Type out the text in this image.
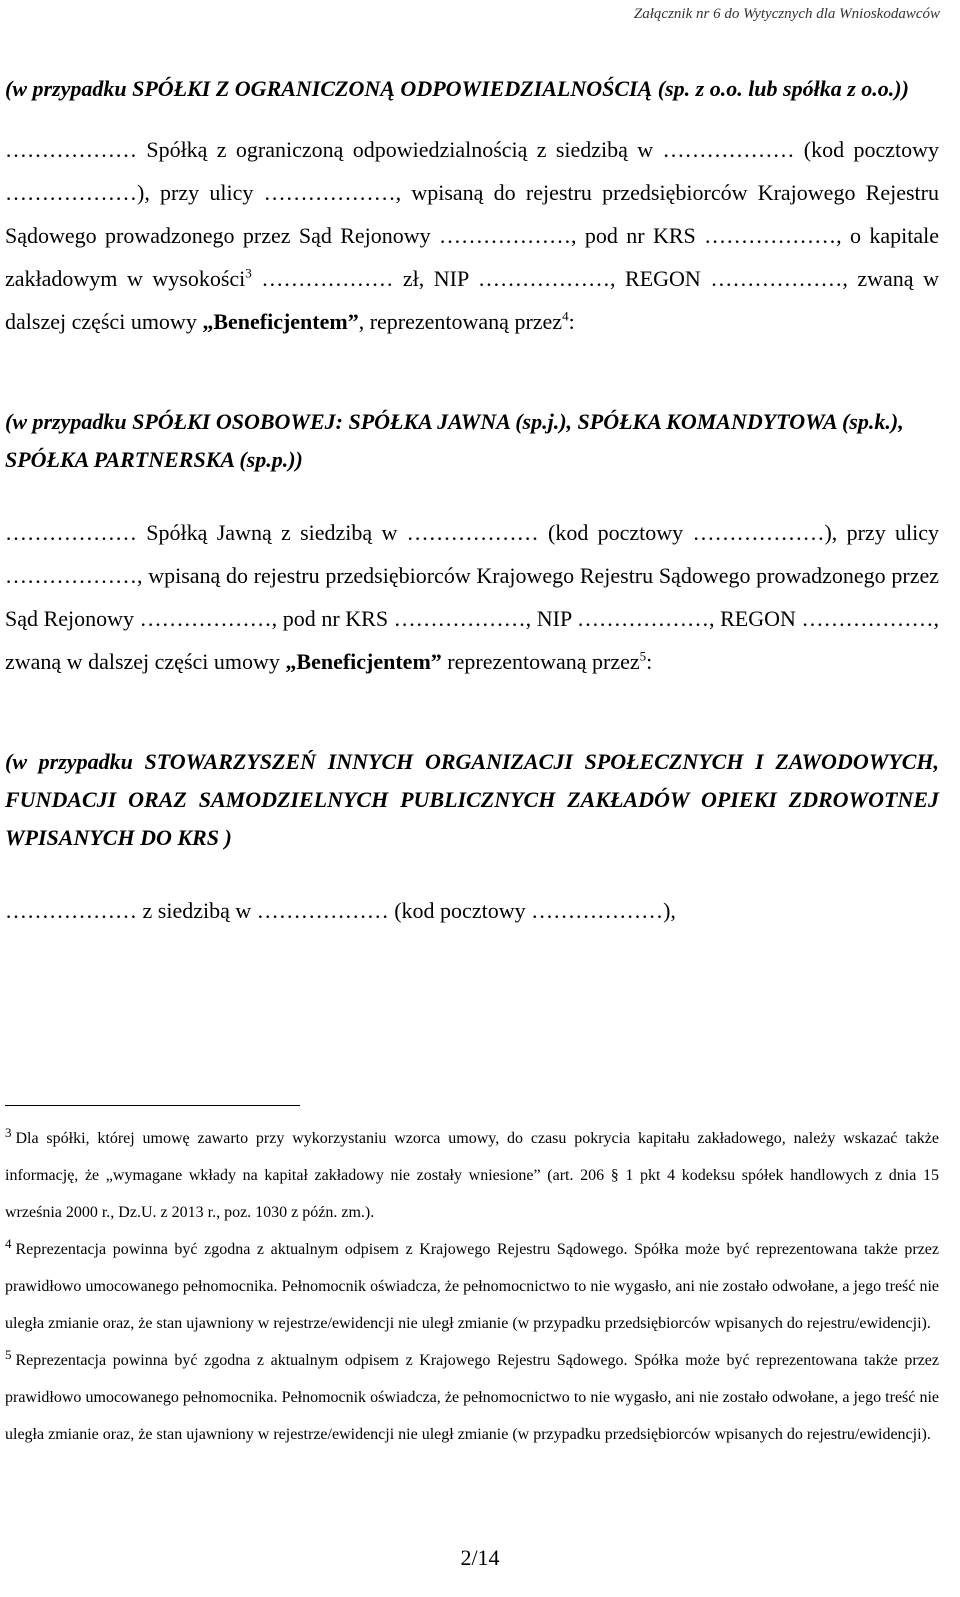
Załącznik nr 6 do Wytycznych dla Wnioskodawców

(w przypadku SPÓŁKI Z OGRANICZONĄ ODPOWIEDZIALNOŚCIĄ (sp. z o.o. lub spółka z o.o.))

……………… Spółką z ograniczoną odpowiedzialnością z siedzibą w ……………… (kod pocztowy ………………), przy ulicy ………………, wpisaną do rejestru przedsiębiorców Krajowego Rejestru Sądowego prowadzonego przez Sąd Rejonowy ………………, pod nr KRS ………………, o kapitale zakładowym w wysokości$^3$ ……………… zł, NIP ………………, REGON ………………, zwaną w dalszej części umowy „Beneficjentem”, reprezentowaną przez$^4$:

(w przypadku SPÓŁKI OSOBOWEJ: SPÓŁKA JAWNA (sp.j.), SPÓŁKA KOMANDYTOWA (sp.k.), SPÓŁKA PARTNERSKA (sp.p.))

……………… Spółką Jawną z siedzibą w ……………… (kod pocztowy ………………), przy ulicy ………………, wpisaną do rejestru przedsiębiorców Krajowego Rejestru Sądowego prowadzonego przez Sąd Rejonowy ………………, pod nr KRS ………………, NIP ………………, REGON ………………, zwaną w dalszej części umowy „Beneficjentem” reprezentowaną przez$^5$:

(w przypadku STOWARZYSZEŃ INNYCH ORGANIZACJI SPOŁECZNYCH I ZAWODOWYCH, FUNDACJI ORAZ SAMODZIELNYCH PUBLICZNYCH ZAKŁADÓW OPIEKI ZDROWOTNEJ WPISANYCH DO KRS )

……………… z siedzibą w ……………… (kod pocztowy ………………),

$^3$ Dla spółki, której umowę zawarto przy wykorzystaniu wzorca umowy, do czasu pokrycia kapitału zakładowego, należy wskazać także informację, że „wymagane wkłady na kapitał zakładowy nie zostały wniesione” (art. 206 § 1 pkt 4 kodeksu spółek handlowych z dnia 15 września 2000 r., Dz.U. z 2013 r., poz. 1030 z późn. zm.).

$^4$ Reprezentacja powinna być zgodna z aktualnym odpisem z Krajowego Rejestru Sądowego. Spółka może być reprezentowana także przez prawidłowo umocowanego pełnomocnika. Pełnomocnik oświadcza, że pełnomocnictwo to nie wygasło, ani nie zostało odwołane, a jego treść nie uległa zmianie oraz, że stan ujawniony w rejestrze/ewidencji nie uległ zmianie (w przypadku przedsiębiorców wpisanych do rejestru/ewidencji).

$^5$ Reprezentacja powinna być zgodna z aktualnym odpisem z Krajowego Rejestru Sądowego. Spółka może być reprezentowana także przez prawidłowo umocowanego pełnomocnika. Pełnomocnik oświadcza, że pełnomocnictwo to nie wygasło, ani nie zostało odwołane, a jego treść nie uległa zmianie oraz, że stan ujawniony w rejestrze/ewidencji nie uległ zmianie (w przypadku przedsiębiorców wpisanych do rejestru/ewidencji).

2/14
